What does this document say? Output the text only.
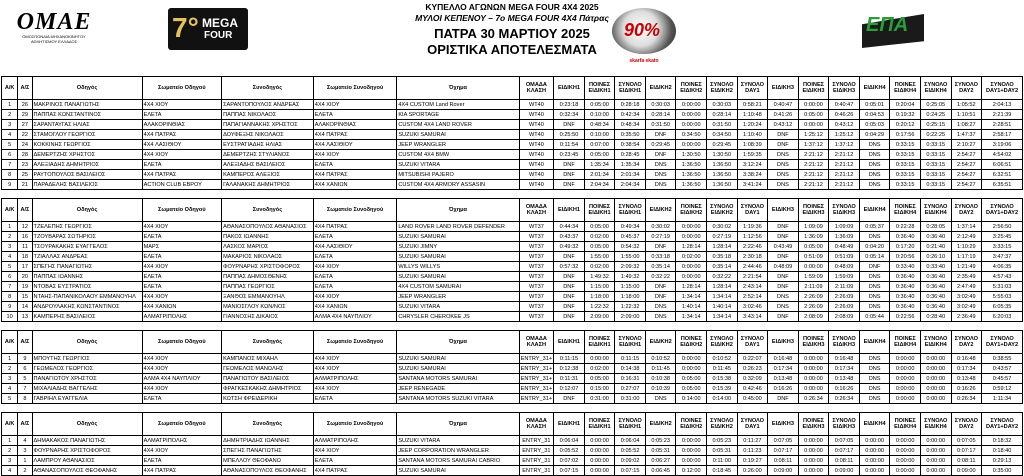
OMAE
ΟΜΟΣΠΟΝΔΙΑ ΜΗΧΑΝΟΚΙΝΗΤΟΥ
ΑΘΛΗΤΙΣΜΟΥ ΕΛΛΑΔΟΣ	7° MEGA
FOUR
ΚΥΠΕΛΛΟ ΑΓΩΝΩΝ MEGA FOUR 4X4 2025
ΜΥΛΟΙ ΚΕΠΕΝΟΥ – 7ο MEGA FOUR 4X4 Πάτρας
ΠΑΤΡΑ 30 ΜΑΡΤΙΟΥ 2025
ΟΡΙΣΤΙΚΑ ΑΠΟΤΕΛΕΣΜΑΤΑ
90%
skarfa ekato
ΕΠΑ
Α/Κ	Α/Σ	Οδηγός	Σωματείο Οδηγού	Συνοδηγός	Σωματείο Συνοδηγού	Όχημα	ΟΜΑΔΑ ΚΛΑΣΗ	ΕΙΔΙΚΗ1	ΠΟΙΝΕΣ ΕΙΔΙΚΗ1	ΣΥΝΟΛΟ ΕΙΔΙΚΗ1	ΕΙΔΙΚΗ2	ΠΟΙΝΕΣ ΕΙΔΙΚΗ2	ΣΥΝΟΛΟ ΕΙΔΙΚΗ2	ΣΥΝΟΛΟ DAY1	ΕΙΔΙΚΗ3	ΠΟΙΝΕΣ ΕΙΔΙΚΗ3	ΣΥΝΟΛΟ ΕΙΔΙΚΗ3	ΕΙΔΙΚΗ4	ΠΟΙΝΕΣ ΕΙΔΙΚΗ4	ΣΥΝΟΛΟ ΕΙΔΙΚΗ4	ΣΥΝΟΛΟ DAY2	ΣΥΝΟΛΟ DAY1+DAY2
1	26	ΜΑΚΡΙΝΟΣ ΠΑΝΑΓΙΩΤΗΣ	4X4 ΧΙΟΥ	ΣΑΡΑΝΤΟΠΟΥΛΟΣ ΑΝΔΡΕΑΣ	4X4 ΧΙΟΥ	4X4 CUSTOM Land Rover	WT40	0:23:18	0:05:00	0:28:18	0:30:03	0:00:00	0:30:03	0:58:21	0:40:47	0:00:00	0:40:47	0:05:01	0:20:04	0:25:05	1:05:52	2:04:13
2	29	ΠΑΠΠΑΣ ΚΩΝΣΤΑΝΤΙΝΟΣ	ΕΛΕΤΑ	ΠΑΠΠΑΣ ΝΙΚΟΛΑΟΣ	ΕΛΕΤΑ	KIA SPORTAGE	WT40	0:32:34	0:10:00	0:42:34	0:28:14	0:00:00	0:28:14	1:10:48	0:41:26	0:05:00	0:46:26	0:04:53	0:19:32	0:24:25	1:10:51	2:21:39
3	27	ΣΑΡΑΝΤΑΥΓΑΣ ΗΛΙΑΣ	ΑΛΑΚΟΡΙΝΘΙΑΣ	ΠΑΠΑΓΙΑΝΝΑΚΗΣ ΧΡΗΣΤΟΣ	ΑΛΑΚΟΡΙΝΘΙΑΣ	CUSTOM 4X4 LAND ROVER	WT40	DNF	0:48:34	0:48:34	0:31:50	0:00:00	0:31:50	1:20:24	0:43:12	0:00:00	0:43:12	0:05:03	0:20:12	0:25:15	1:08:27	2:28:51
4	22	ΣΤΑΜΟΓΛΟΥ ΓΕΩΡΓΙΟΣ	4X4 ΠΑΤΡΑΣ	ΔΟΥΦΕΞΗΣ ΝΙΚΟΛΑΟΣ	4X4 ΠΑΤΡΑΣ	SUZUKI SAMURAI	WT40	0:25:50	0:10:00	0:35:50	DNF	0:34:50	0:34:50	1:10:40	DNF	1:25:12	1:25:12	0:04:29	0:17:56	0:22:25	1:47:37	2:58:17
5	24	ΚΟΚΚΙΝΗΣ ΓΕΩΡΓΙΟΣ	4X4 ΛΑΣΙΘΙΟΥ	ΕΥΣΤΡΑΤΙΑΔΗΣ ΗΛΙΑΣ	4X4 ΛΑΣΙΘΙΟΥ	JEEP WRANGLER	WT40	0:11:54	0:07:00	0:38:54	0:29:45	0:00:00	0:29:45	1:08:39	DNF	1:37:12	1:37:12	DNS	0:33:15	0:33:15	2:10:27	3:19:06
6	28	ΔΕΜΕΡΤΖΗΣ ΧΡΗΣΤΟΣ	4X4 ΧΙΟΥ	ΔΕΜΕΡΤΖΗΣ ΣΤΥΛΙΑΝΟΣ	4X4 ΧΙΟΥ	CUSTOM 4X4 BMW	WT40	0:23:45	0:05:00	0:28:45	DNF	1:30:50	1:30:50	1:59:35	DNS	2:21:12	2:21:12	DNS	0:33:15	0:33:15	2:54:27	4:54:02
7	23	ΑΛΕΞΙΑΔΗΣ ΔΗΜΗΤΡΙΟΣ	ΕΛΕΤΑ	ΑΛΕΞΙΑΔΗΣ ΒΑΣΙΛΕΙΟΣ	ΕΛΕΤΑ	SUZUKI VITARA	WT40	DNF	1:35:34	1:35:34	DNS	1:36:50	1:36:50	3:12:24	DNS	2:21:12	2:21:12	DNS	0:33:15	0:33:15	2:54:27	6:06:51
8	25	ΡΑΥΤΟΠΟΥΛΟΣ ΒΑΣΙΛΕΙΟΣ	4X4 ΠΑΤΡΑΣ	ΚΑΜΠΕΡΟΣ ΑΛΕΞΙΟΣ	4X4 ΠΑΤΡΑΣ	MITSUBISHI PAJERO	WT40	DNF	2:01:34	2:01:34	DNS	1:36:50	1:36:50	3:38:24	DNS	2:21:12	2:21:12	DNS	0:33:15	0:33:15	2:54:27	6:32:51
9	21	ΠΑΡΑΔΕΛΗΣ ΒΑΣΙΛΕΙΟΣ	ACTION CLUB ΕΒΡΟΥ	ΓΑΛΑΝΑΚΗΣ ΔΗΜΗΤΡΙΟΣ	4X4 ΧΑΝΙΩΝ	CUSTOM 4X4 ARMORY ASSASIN	WT40	DNF	2:04:34	2:04:34	DNS	1:36:50	1:36:50	3:41:24	DNS	2:21:12	2:21:12	DNS	0:33:15	0:33:15	2:54:27	6:35:51

Α/Κ	Α/Σ	Οδηγός	Σωματείο Οδηγού	Συνοδηγός	Σωματείο Συνοδηγού	Όχημα	ΟΜΑΔΑ ΚΛΑΣΗ	ΕΙΔΙΚΗ1	ΠΟΙΝΕΣ ΕΙΔΙΚΗ1	ΣΥΝΟΛΟ ΕΙΔΙΚΗ1	ΕΙΔΙΚΗ2	ΠΟΙΝΕΣ ΕΙΔΙΚΗ2	ΣΥΝΟΛΟ ΕΙΔΙΚΗ2	ΣΥΝΟΛΟ DAY1	ΕΙΔΙΚΗ3	ΠΟΙΝΕΣ ΕΙΔΙΚΗ3	ΣΥΝΟΛΟ ΕΙΔΙΚΗ3	ΕΙΔΙΚΗ4	ΠΟΙΝΕΣ ΕΙΔΙΚΗ4	ΣΥΝΟΛΟ ΕΙΔΙΚΗ4	ΣΥΝΟΛΟ DAY2	ΣΥΝΟΛΟ DAY1+DAY2
1	12	ΤΖΕΛΕΠΗΣ ΓΕΩΡΓΙΟΣ	4X4 ΧΙΟΥ	ΑΘΑΝΑΣΟΠΟΥΛΟΣ ΑΘΑΝΑΣΙΟΣ	4X4 ΠΑΤΡΑΣ	LAND ROVER LAND ROVER DEFENDER	WT37	0:44:34	0:05:00	0:49:34	0:30:02	0:00:00	0:30:02	1:19:36	DNF	1:09:09	1:09:09	0:05:37	0:22:28	0:28:05	1:37:14	2:56:50
2	16	ΤΖΟΥΒΑΡΑΣ ΣΩΤΗΡΙΟΣ	ΕΛΕΤΑ	ΠΑΚΟΣ ΙΩΑΝΝΗΣ	ΕΛΕΤΑ	SUZUKI SAMURAI	WT37	0:43:37	0:02:00	0:45:37	0:27:19	0:00:00	0:27:19	1:12:56	DNF	1:36:09	1:36:09	DNS	0:36:40	0:36:40	2:12:49	3:25:45
3	11	ΤΣΟΥΡΑΚΑΚΗΣ ΕΥΑΓΓΕΛΟΣ	ΜΑΡΣ	ΛΑΣΚΟΣ ΜΑΡΙΟΣ	4X4 ΛΑΣΙΘΙΟΥ	SUZUKI JIMNY	WT37	0:49:32	0:05:00	0:54:32	DNF	1:28:14	1:28:14	2:22:46	0:43:49	0:05:00	0:48:49	0:04:20	0:17:20	0:21:40	1:10:29	3:33:15
4	18	ΤΖΙΑΛΛΑΣ ΑΝΔΡΕΑΣ	ΕΛΕΤΑ	ΜΑΚΑΡΙΟΣ ΝΙΚΟΛΑΟΣ	ΕΛΕΤΑ	SUZUKI SAMURAI	WT37	DNF	1:55:00	1:55:00	0:33:18	0:02:00	0:35:18	2:30:18	DNF	0:51:09	0:51:09	0:05:14	0:20:56	0:26:10	1:17:19	3:47:37
5	17	ΣΠΕΓΗΣ ΠΑΝΑΓΙΩΤΗΣ	4X4 ΧΙΟΥ	ΦΟΥΡΝΑΡΗΣ ΧΡΙΣΤΟΦΟΡΟΣ	4X4 ΧΙΟΥ	WILLYS WILLYS	WT37	0:57:32	0:02:00	2:09:32	0:35:14	0:00:00	0:35:14	2:44:46	0:48:09	0:00:00	0:48:09	DNF	0:33:40	0:33:40	1:21:49	4:06:35
6	20	ΠΑΠΠΑΣ ΙΩΑΝΝΗΣ	ΕΛΕΤΑ	ΠΑΠΠΑΣ ΔΗΜΟΣΘΕΝΗΣ	ΕΛΕΤΑ	SUZUKI SAMURAI	WT37	DNF	1:49:32	1:49:32	0:32:22	0:00:00	0:32:22	2:21:54	DNF	1:59:09	1:59:09	DNS	0:36:40	0:36:40	2:35:49	4:57:43
7	19	ΝΤΟΒΑΣ ΕΥΣΤΡΑΤΙΟΣ	ΕΛΕΤΑ	ΠΑΠΠΑΣ ΓΕΩΡΓΙΟΣ	ΕΛΕΤΑ	4X4 CUSTOM SAMURAI	WT37	DNF	1:15:00	1:15:00	DNF	1:28:14	1:28:14	2:43:14	DNF	2:11:09	2:11:09	DNS	0:36:40	0:36:40	2:47:49	5:31:03
8	15	ΝΤΑΗΣ-ΠΑΠΑΝΙΚΟΛΑΟΥ ΕΜΜΑΝΟΥΗΛ	4X4 ΧΙΟΥ	ΞΑΝΘΟΣ ΕΜΜΑΝΟΥΗΛ	4X4 ΧΙΟΥ	JEEP WRANGLER	WT37	DNF	1:18:00	1:18:00	DNF	1:34:14	1:34:14	2:52:14	DNS	2:26:09	2:26:09	DNS	0:36:40	0:36:40	3:02:49	5:55:03
9	14	ΑΝΔΡΟΥΛΑΚΗΣ ΚΩΝΣΤΑΝΤΙΝΟΣ	4X4 ΧΑΝΙΩΝ	ΜΑΝΙΟΣΓΛΟΥ ΚΩΝ/ΝΟΣ	4X4 ΧΑΝΙΩΝ	SUZUKI VITARA	WT37	DNF	1:22:32	1:22:32	DNS	1:40:14	1:40:14	3:02:46	DNS	2:26:09	2:26:09	DNS	0:36:40	0:36:40	3:02:49	6:05:35
10	13	ΚΑΜΠΕΡΗΣ ΒΑΣΙΛΕΙΟΣ	ΑΛΜΑΤΡΙΠΟΛΗΣ	ΓΙΑΝΝΟΣΗΣ ΔΙΚΑΙΟΣ	ΑΛΜΑ 4Χ4 ΝΑΥΠΛΙΟΥ	CHRYSLER CHEROKEE JS	WT37	DNF	2:09:00	2:09:00	DNS	1:34:14	1:34:14	3:43:14	DNF	2:08:09	2:08:09	0:05:44	0:22:56	0:28:40	2:36:49	6:20:03

Α/Κ	Α/Σ	Οδηγός	Σωματείο Οδηγού	Συνοδηγός	Σωματείο Συνοδηγού	Όχημα	ΟΜΑΔΑ ΚΛΑΣΗ	ΕΙΔΙΚΗ1	ΠΟΙΝΕΣ ΕΙΔΙΚΗ1	ΣΥΝΟΛΟ ΕΙΔΙΚΗ1	ΕΙΔΙΚΗ2	ΠΟΙΝΕΣ ΕΙΔΙΚΗ2	ΣΥΝΟΛΟ ΕΙΔΙΚΗ2	ΣΥΝΟΛΟ DAY1	ΕΙΔΙΚΗ3	ΠΟΙΝΕΣ ΕΙΔΙΚΗ3	ΣΥΝΟΛΟ ΕΙΔΙΚΗ3	ΕΙΔΙΚΗ4	ΠΟΙΝΕΣ ΕΙΔΙΚΗ4	ΣΥΝΟΛΟ ΕΙΔΙΚΗ4	ΣΥΝΟΛΟ DAY2	ΣΥΝΟΛΟ DAY1+DAY2
1	9	ΜΠΟΥΤΗΣ ΓΕΩΡΓΙΟΣ	4X4 ΧΙΟΥ	ΚΑΜΠΑΝΟΣ ΜΙΧΑΗΛ	4X4 ΧΙΟΥ	SUZUKI SAMURAI	ENTRY_31+	0:11:15	0:00:00	0:11:15	0:10:52	0:00:00	0:10:52	0:22:07	0:16:48	0:00:00	0:16:48	DNS	0:00:00	0:00:00	0:16:48	0:38:55
2	6	ΓΕΩΜΕΛΟΣ ΓΕΩΡΓΙΟΣ	4X4 ΧΙΟΥ	ΓΕΩΜΕΛΟΣ ΜΑΝΩΛΗΣ	4X4 ΧΙΟΥ	SUZUKI SAMURAI	ENTRY_31+	0:12:38	0:02:00	0:14:38	0:11:45	0:00:00	0:11:45	0:26:23	0:17:34	0:00:00	0:17:34	DNS	0:00:00	0:00:00	0:17:34	0:43:57
3	5	ΠΑΝΑΓΙΩΤΟΥ ΧΡΗΣΤΟΣ	ΑΛΜΑ 4Χ4 ΝΑΥΠΛΙΟΥ	ΠΑΝΑΓΙΩΤΟΥ ΒΑΣΙΛΕΙΟΣ	ΑΛΜΑΤΡΙΠΟΛΗΣ	SANTANA MOTORS SAMURAI	ENTRY_31+	0:11:31	0:05:00	0:16:31	0:10:38	0:05:00	0:15:38	0:32:09	0:13:48	0:00:00	0:13:48	DNS	0:00:00	0:00:00	0:13:48	0:45:57
4	7	ΜΙΧΑΛΙΑΔΗΣ ΒΑΓΓΕΛΗΣ	4X4 ΧΙΟΥ	ΦΡΑΓΚΕΣΚΑΚΗΣ ΔΗΜΗΤΡΙΟΣ	4X4 ΧΙΟΥ	JEEP RENEGADE	ENTRY_31+	0:12:07	0:15:00	0:27:07	0:10:39	0:05:00	0:15:39	0:42:46	0:16:26	0:00:00	0:16:26	DNS	0:00:00	0:00:00	0:16:26	0:59:12
5	8	ΓΑΒΡΙΗΛ ΕΥΑΓΓΕΛΙΑ	ΕΛΕΤΑ	ΚΩΤΣΗ ΦΡΕΙΔΕΡΙΚΗ	ΕΛΕΤΑ	SANTANA MOTORS SUZUKI VITARA	ENTRY_31+	DNF	0:31:00	0:31:00	DNS	0:14:00	0:14:00	0:45:00	DNF	0:26:34	0:26:34	DNS	0:00:00	0:00:00	0:26:34	1:11:34

Α/Κ	Α/Σ	Οδηγός	Σωματείο Οδηγού	Συνοδηγός	Σωματείο Συνοδηγού	Όχημα	ΟΜΑΔΑ ΚΛΑΣΗ	ΕΙΔΙΚΗ1	ΠΟΙΝΕΣ ΕΙΔΙΚΗ1	ΣΥΝΟΛΟ ΕΙΔΙΚΗ1	ΕΙΔΙΚΗ2	ΠΟΙΝΕΣ ΕΙΔΙΚΗ2	ΣΥΝΟΛΟ ΕΙΔΙΚΗ2	ΣΥΝΟΛΟ DAY1	ΕΙΔΙΚΗ3	ΠΟΙΝΕΣ ΕΙΔΙΚΗ3	ΣΥΝΟΛΟ ΕΙΔΙΚΗ3	ΕΙΔΙΚΗ4	ΠΟΙΝΕΣ ΕΙΔΙΚΗ4	ΣΥΝΟΛΟ ΕΙΔΙΚΗ4	ΣΥΝΟΛΟ DAY2	ΣΥΝΟΛΟ DAY1+DAY2
1	4	ΔΗΜΑΚΑΚΟΣ ΠΑΝΑΓΙΩΤΗΣ	ΑΛΜΑΤΡΙΠΟΛΗΣ	ΔΗΜΗΤΡΙΑΔΗΣ ΙΩΑΝΝΗΣ	ΑΛΜΑΤΡΙΠΟΛΗΣ	SUZUKI VITARA	ENTRY_31	0:06:04	0:00:00	0:06:04	0:05:23	0:00:00	0:05:23	0:11:27	0:07:05	0:00:00	0:07:05	0:00:00	0:00:00	0:00:00	0:07:05	0:18:32
2	3	ΦΟΥΡΝΑΡΗΣ ΧΡΙΣΤΟΦΟΡΟΣ	4X4 ΧΙΟΥ	ΣΠΕΓΗΣ ΠΑΝΑΓΙΩΤΗΣ	4X4 ΧΙΟΥ	JEEP CORPORATION WRANGLER	ENTRY_31	0:05:52	0:00:00	0:05:52	0:05:31	0:00:00	0:05:31	0:11:23	0:07:17	0:00:00	0:07:17	0:00:00	0:00:00	0:00:00	0:07:17	0:18:40
3	1	ΛΑΜΠΡΟΥ ΑΘΑΝΑΣΙΟΣ	ΕΛΕΤΑ	ΜΠΕΛΛΟΥ ΘΕΟΦΑΝΩ	ΕΛΕΤΑ	SANTANA MOTORS SAMURAI CABRIO	ENTRY_31	0:07:02	0:00:00	0:09:02	0:06:27	0:00:00	0:11:00	0:19:27	0:08:11	0:00:00	0:08:11	0:00:00	0:00:00	0:00:00	0:08:11	0:29:13
4	2	ΑΘΑΝΑΣΟΠΟΥΛΟΣ ΘΕΟΦΑΝΗΣ	4X4 ΠΑΤΡΑΣ	ΑΘΑΝΑΣΟΠΟΥΛΟΣ ΘΕΟΦΑΝΗΣ	4X4 ΠΑΤΡΑΣ	SUZUKI SAMURAI	ENTRY_31	0:07:15	0:00:00	0:07:15	0:06:45	0:12:00	0:18:45	0:26:00	0:09:00	0:00:00	0:09:00	0:00:00	0:00:00	0:00:00	0:09:00	0:35:00
